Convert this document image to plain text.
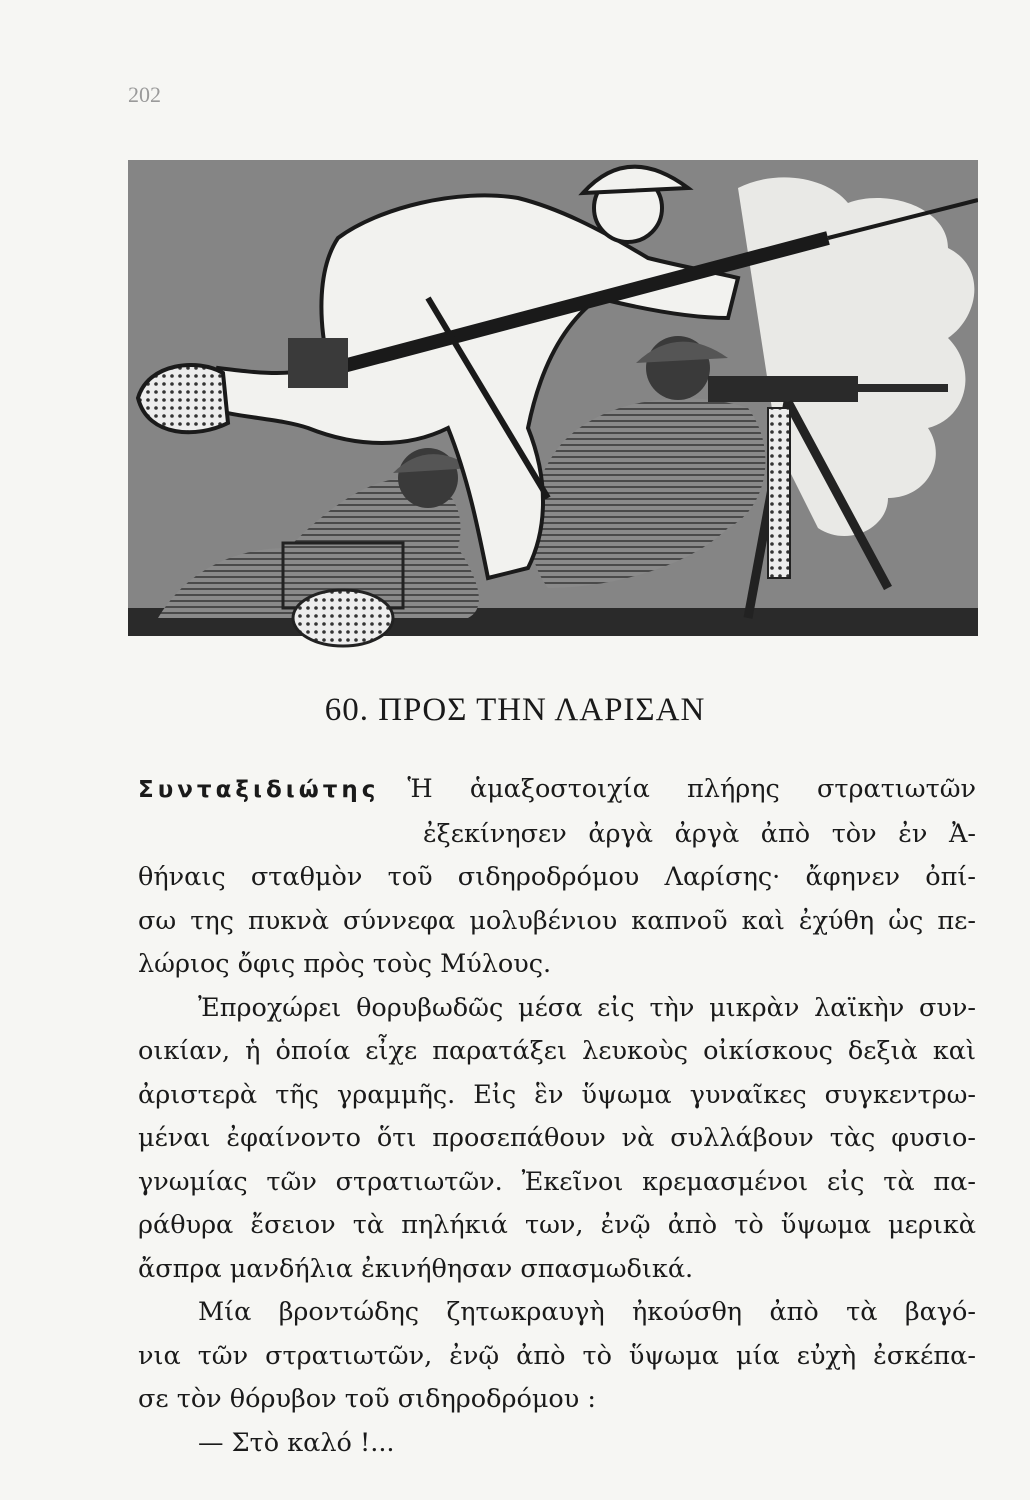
202
60. ΠΡΟΣ ΤΗΝ ΛΑΡΙΣΑΝ
Συνταξιδιώτης Ἡ ἁμαξοστοιχία πλήρης στρατιωτῶν
ἐξεκίνησεν ἀργὰ ἀργὰ ἀπὸ τὸν ἐν Ἀ-
θήναις σταθμὸν τοῦ σιδηροδρόμου Λαρίσης· ἄφηνεν ὀπί-
σω της πυκνὰ σύννεφα μολυβένιου καπνοῦ καὶ ἐχύθη ὡς πε-
λώριος ὄφις πρὸς τοὺς Μύλους.
Ἐπροχώρει θορυβωδῶς μέσα εἰς τὴν μικρὰν λαϊκὴν συν-
οικίαν, ἡ ὁποία εἶχε παρατάξει λευκοὺς οἰκίσκους δεξιὰ καὶ
ἀριστερὰ τῆς γραμμῆς. Εἰς ἓν ὕψωμα γυναῖκες συγκεντρω-
μέναι ἐφαίνοντο ὅτι προσεπάθουν νὰ συλλάβουν τὰς φυσιο-
γνωμίας τῶν στρατιωτῶν. Ἐκεῖνοι κρεμασμένοι εἰς τὰ πα-
ράθυρα ἔσειον τὰ πηλήκιά των, ἐνῷ ἀπὸ τὸ ὕψωμα μερικὰ
ἄσπρα μανδήλια ἐκινήθησαν σπασμωδικά.
Μία βροντώδης ζητωκραυγὴ ἠκούσθη ἀπὸ τὰ βαγό-
νια τῶν στρατιωτῶν, ἐνῷ ἀπὸ τὸ ὕψωμα μία εὐχὴ ἐσκέπα-
σε τὸν θόρυβον τοῦ σιδηροδρόμου :
— Στὸ καλό !...
